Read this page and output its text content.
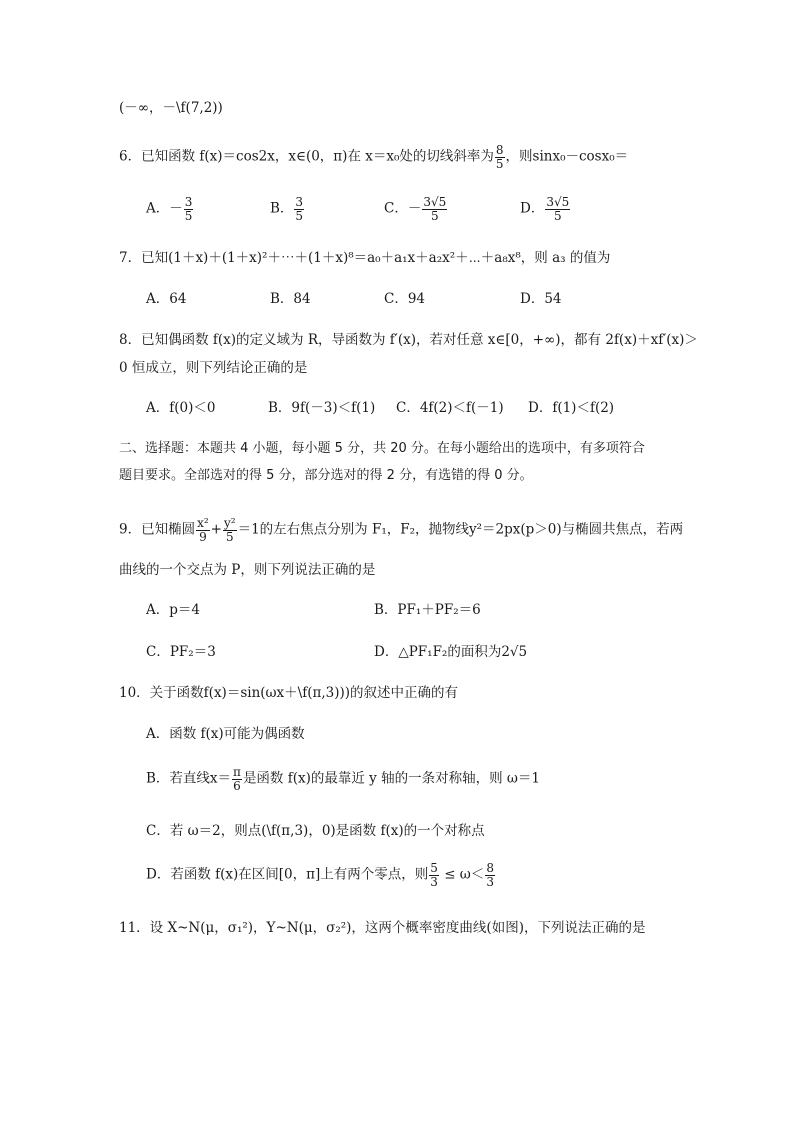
(－∞，－\f(7,2))
6．已知函数 f(x)＝cos2x，x∈(0，π)在 x＝x₀处的切线斜率为 $\frac{8}{5}$ ，则sinx₀－cosx₀＝
A．－ $\frac{3}{5}$	B． $\frac{3}{5}$	C．－ $\frac{3√5}{5}$	D． $\frac{3√5}{5}$
7．已知(1＋x)＋(1＋x)²＋⋯＋(1＋x)⁸＝a₀＋a₁x＋a₂x²＋⋯＋a₈x⁸，则 a₃ 的值为
A．64	B．84	C．94	D．54
8．已知偶函数 f(x)的定义域为 R，导函数为 f′(x)，若对任意 x∈[0，+∞)，都有 2f(x)＋xf′(x)＞
0 恒成立，则下列结论正确的是
A．f(0)＜0	B．9f(－3)＜f(1) C．4f(2)＜f(－1) D．f(1)＜f(2)
二、选择题：本题共 4 小题，每小题 5 分，共 20 分。在每小题给出的选项中，有多项符合
题目要求。全部选对的得 5 分，部分选对的得 2 分，有选错的得 0 分。
9．已知椭圆 $\frac{\text{x²}}{9} + \frac{\text{y²}}{5} =1$的左右焦点分别为 F₁，F₂，抛物线y²＝2px(p＞0)与椭圆共焦点，若两
曲线的一个交点为 P，则下列说法正确的是
A．p＝4	B．PF₁＋PF₂＝6
C．PF₂＝3	D．△PF₁F₂的面积为2√5
10．关于函数f(x)＝sin(ωx＋\f(π,3)))的叙述中正确的有
A．函数 f(x)可能为偶函数
B．若直线$x= \frac{\pi}{6}$ 是函数 f(x)的最靠近 y 轴的一条对称轴，则 ω＝1
C．若 ω＝2，则点(\f(π,3)，0)是函数 f(x)的一个对称点
D．若函数 f(x)在区间[0，π]上有两个零点，则 $\frac{5}{3} \le \omega< \frac{8}{3}$
11．设 X~N(μ，σ₁²)，Y~N(μ，σ₂²)，这两个概率密度曲线(如图)，下列说法正确的是
